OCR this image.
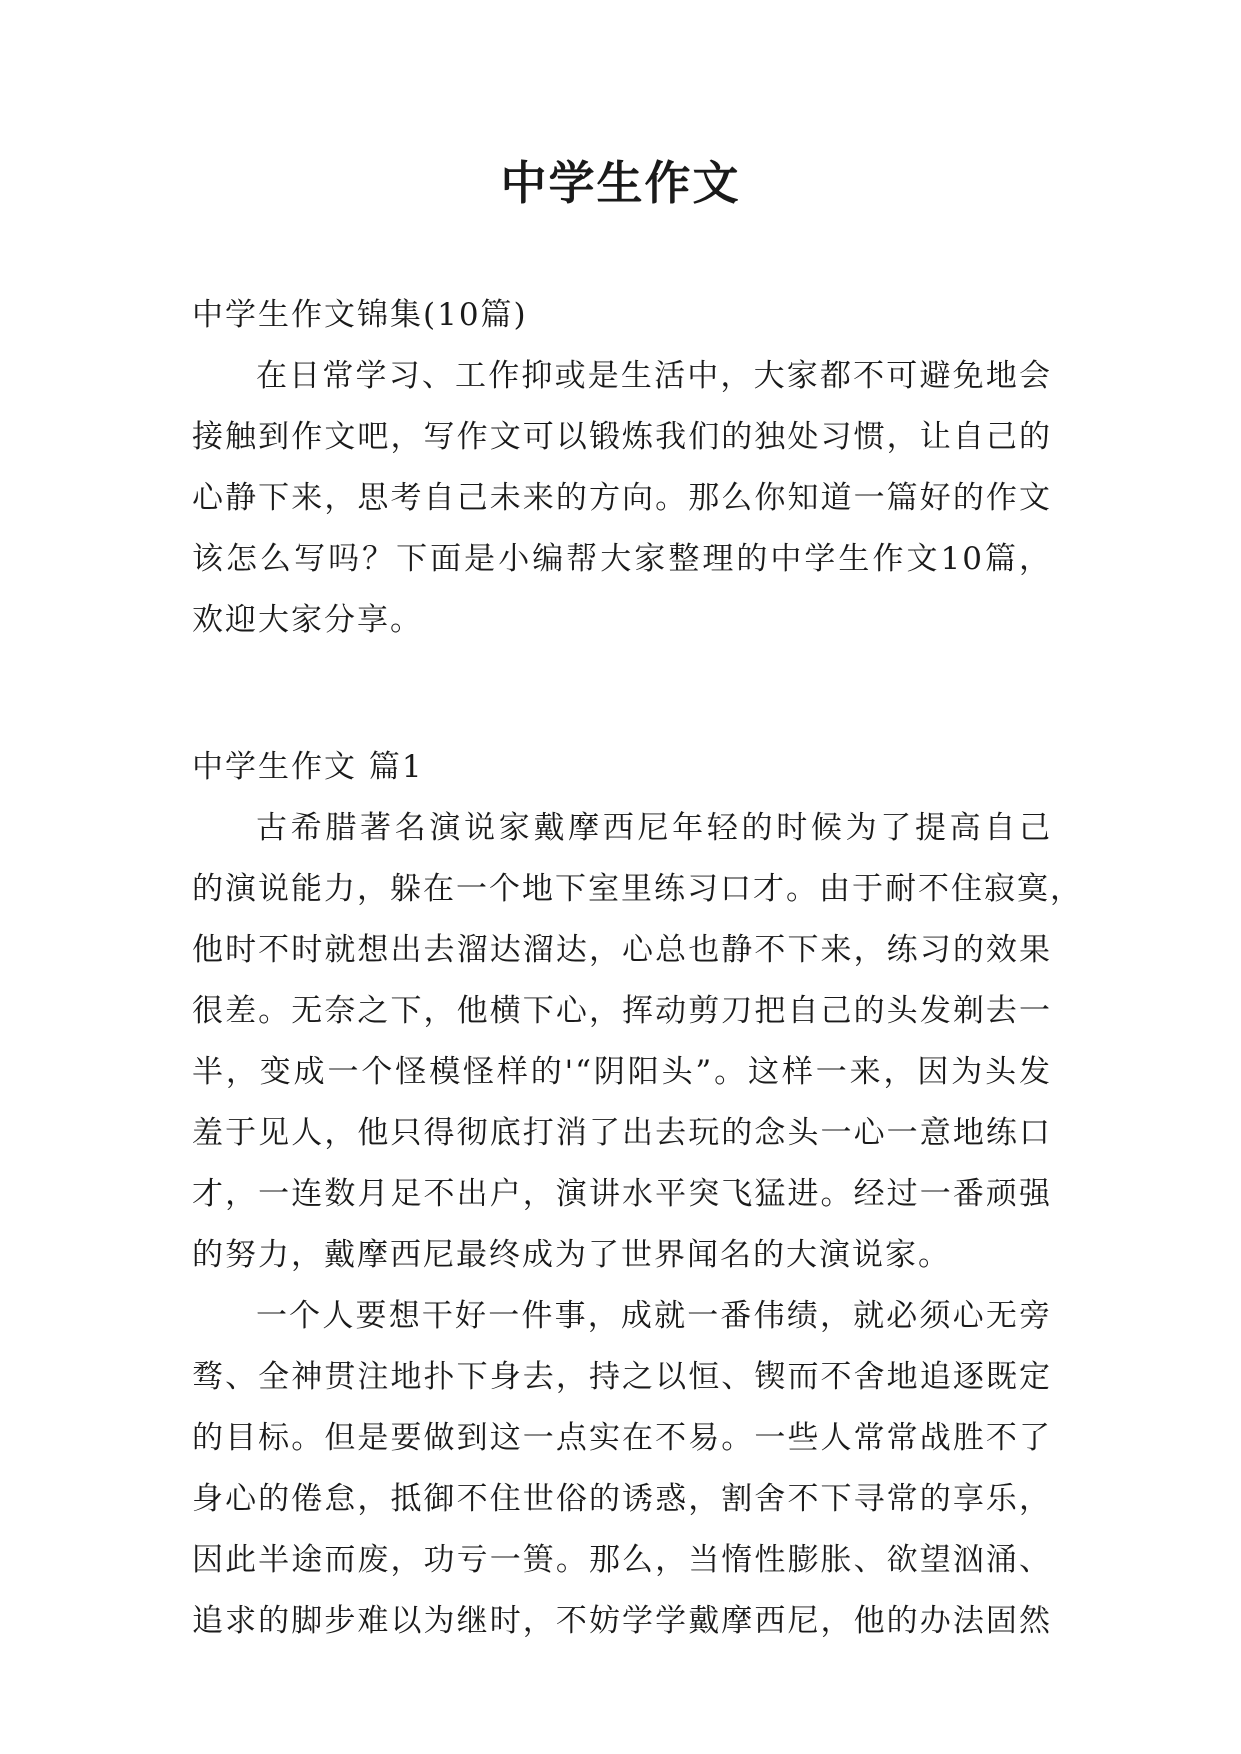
中学生作文
中学生作文锦集(10篇)
在日常学习、工作抑或是生活中，大家都不可避免地会
接触到作文吧，写作文可以锻炼我们的独处习惯，让自己的
心静下来，思考自己未来的方向。那么你知道一篇好的作文
该怎么写吗？下面是小编帮大家整理的中学生作文10篇，
欢迎大家分享。
中学生作文 篇1
古希腊著名演说家戴摩西尼年轻的时候为了提高自己
的演说能力，躲在一个地下室里练习口才。由于耐不住寂寞，
他时不时就想出去溜达溜达，心总也静不下来，练习的效果
很差。无奈之下，他横下心，挥动剪刀把自己的头发剃去一
半，变成一个怪模怪样的'“阴阳头”。这样一来，因为头发
羞于见人，他只得彻底打消了出去玩的念头一心一意地练口
才，一连数月足不出户，演讲水平突飞猛进。经过一番顽强
的努力，戴摩西尼最终成为了世界闻名的大演说家。
一个人要想干好一件事，成就一番伟绩，就必须心无旁
骛、全神贯注地扑下身去，持之以恒、锲而不舍地追逐既定
的目标。但是要做到这一点实在不易。一些人常常战胜不了
身心的倦怠，抵御不住世俗的诱惑，割舍不下寻常的享乐，
因此半途而废，功亏一篑。那么，当惰性膨胀、欲望汹涌、
追求的脚步难以为继时，不妨学学戴摩西尼，他的办法固然
